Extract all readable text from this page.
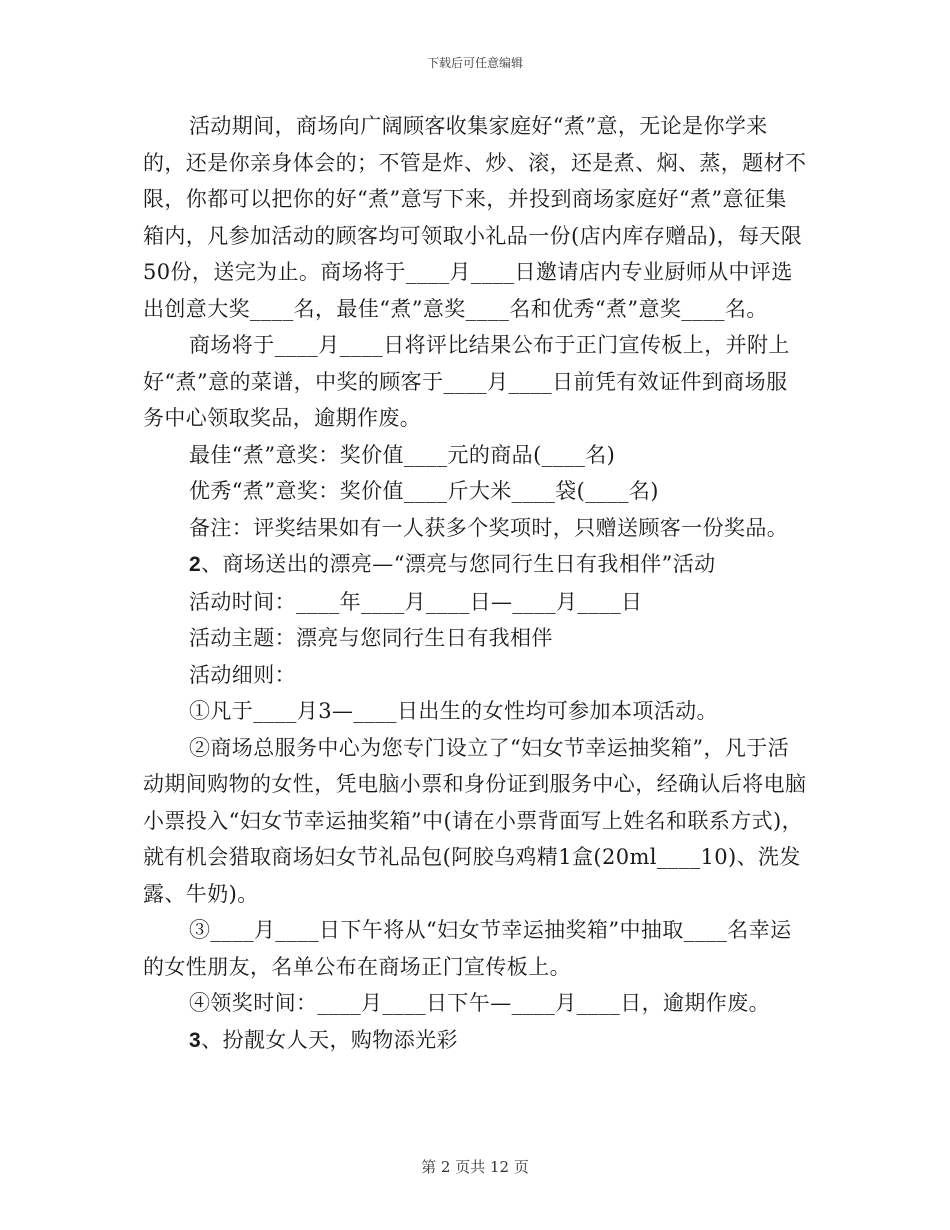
下载后可任意编辑

活动期间，商场向广阔顾客收集家庭好“煮”意，无论是你学来的，还是你亲身体会的；不管是炸、炒、滚，还是煮、焖、蒸，题材不限，你都可以把你的好“煮”意写下来，并投到商场家庭好“煮”意征集箱内，凡参加活动的顾客均可领取小礼品一份(店内库存赠品)，每天限50份，送完为止。商场将于____月____日邀请店内专业厨师从中评选出创意大奖____名，最佳“煮”意奖____名和优秀“煮”意奖____名。

商场将于____月____日将评比结果公布于正门宣传板上，并附上好“煮”意的菜谱，中奖的顾客于____月____日前凭有效证件到商场服务中心领取奖品，逾期作废。

最佳“煮”意奖：奖价值____元的商品(____名)

优秀“煮”意奖：奖价值____斤大米____袋(____名)

备注：评奖结果如有一人获多个奖项时，只赠送顾客一份奖品。

2、商场送出的漂亮—“漂亮与您同行生日有我相伴”活动

活动时间：____年____月____日—____月____日

活动主题：漂亮与您同行生日有我相伴

活动细则：

①凡于____月3—____日出生的女性均可参加本项活动。

②商场总服务中心为您专门设立了“妇女节幸运抽奖箱”，凡于活动期间购物的女性，凭电脑小票和身份证到服务中心，经确认后将电脑小票投入“妇女节幸运抽奖箱”中(请在小票背面写上姓名和联系方式)，就有机会猎取商场妇女节礼品包(阿胶乌鸡精1盒(20ml____10)、洗发露、牛奶)。

③____月____日下午将从“妇女节幸运抽奖箱”中抽取____名幸运的女性朋友，名单公布在商场正门宣传板上。

④领奖时间：____月____日下午—____月____日，逾期作废。

3、扮靓女人天，购物添光彩

第 2 页共 12 页
